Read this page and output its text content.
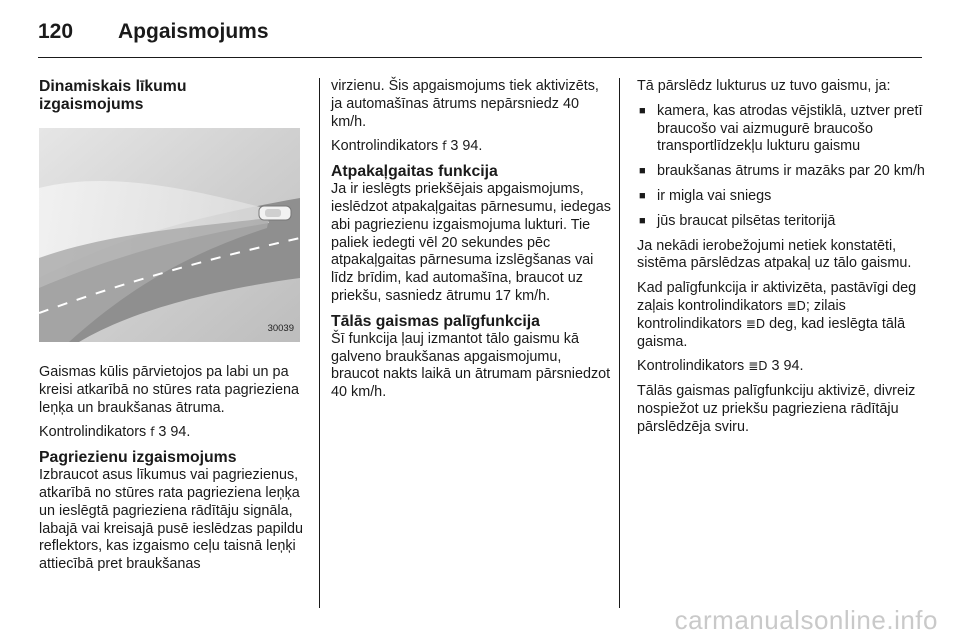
120 Apgaismojums
Dinamiskais līkumu izgaismojums
30039

Gaismas kūlis pārvietojos pa labi un pa kreisi atkarībā no stūres rata pagrieziena leņķa un braukšanas ātruma.

Kontrolindikators f 3 94.

Pagriezienu izgaismojums

Izbraucot asus līkumus vai pagriezienus, atkarībā no stūres rata pagrieziena leņķa un ieslēgtā pagrieziena rādītāju signāla, labajā vai kreisajā pusē ieslēdzas papildu reflektors, kas izgaismo ceļu taisnā leņķi attiecībā pret braukšanas

virzienu. Šis apgaismojums tiek aktivizēts, ja automašīnas ātrums nepārsniedz 40 km/h.

Kontrolindikators f 3 94.

Atpakaļgaitas funkcija

Ja ir ieslēgts priekšējais apgaismojums, ieslēdzot atpakaļgaitas pārnesumu, iedegas abi pagriezienu izgaismojuma lukturi. Tie paliek iedegti vēl 20 sekundes pēc atpakaļgaitas pārnesuma izslēgšanas vai līdz brīdim, kad automašīna, braucot uz priekšu, sasniedz ātrumu 17 km/h.

Tālās gaismas palīgfunkcija

Šī funkcija ļauj izmantot tālo gaismu kā galveno braukšanas apgaismojumu, braucot nakts laikā un ātrumam pārsniedzot 40 km/h.

Tā pārslēdz lukturus uz tuvo gaismu, ja:

■ kamera, kas atrodas vējstiklā, uztver pretī braucošo vai aizmugurē braucošo transportlīdzekļu lukturu gaismu
■ braukšanas ātrums ir mazāks par 20 km/h
■ ir migla vai sniegs
■ jūs braucat pilsētas teritorijā

Ja nekādi ierobežojumi netiek konstatēti, sistēma pārslēdzas atpakaļ uz tālo gaismu.

Kad palīgfunkcija ir aktivizēta, pastāvīgi deg zaļais kontrolindikators ≣D; zilais kontrolindikators ≣D deg, kad ieslēgta tālā gaisma.

Kontrolindikators ≣D 3 94.

Tālās gaismas palīgfunkciju aktivizē, divreiz nospiežot uz priekšu pagrieziena rādītāju pārslēdzēja sviru.

carmanualsonline.info
